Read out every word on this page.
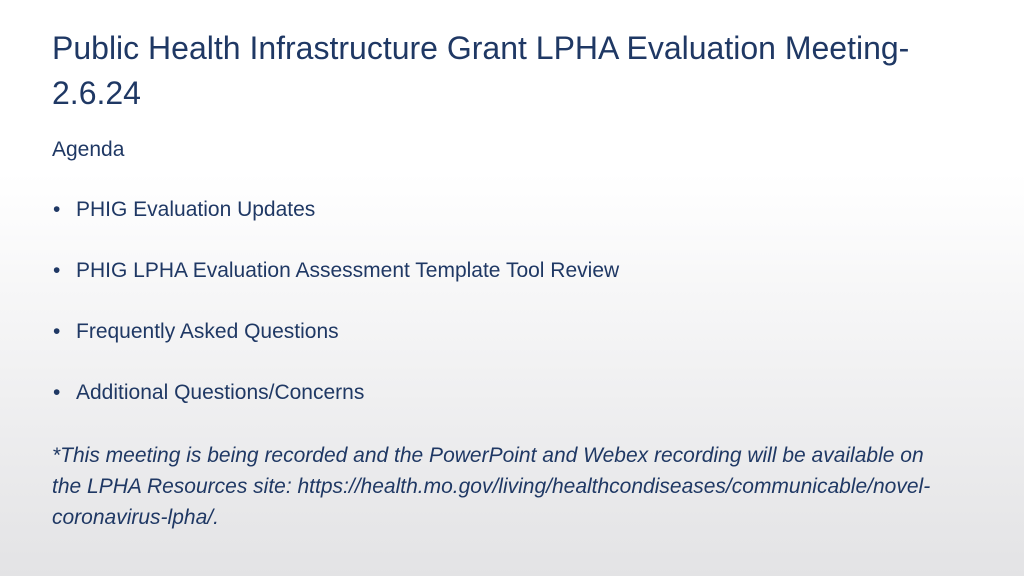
Public Health Infrastructure Grant LPHA Evaluation Meeting-2.6.24
Agenda
• PHIG Evaluation Updates
• PHIG LPHA Evaluation Assessment Template Tool Review
• Frequently Asked Questions
• Additional Questions/Concerns

*This meeting is being recorded and the PowerPoint and Webex recording will be available on the LPHA Resources site: https://health.mo.gov/living/healthcondiseases/communicable/novel-coronavirus-lpha/.
